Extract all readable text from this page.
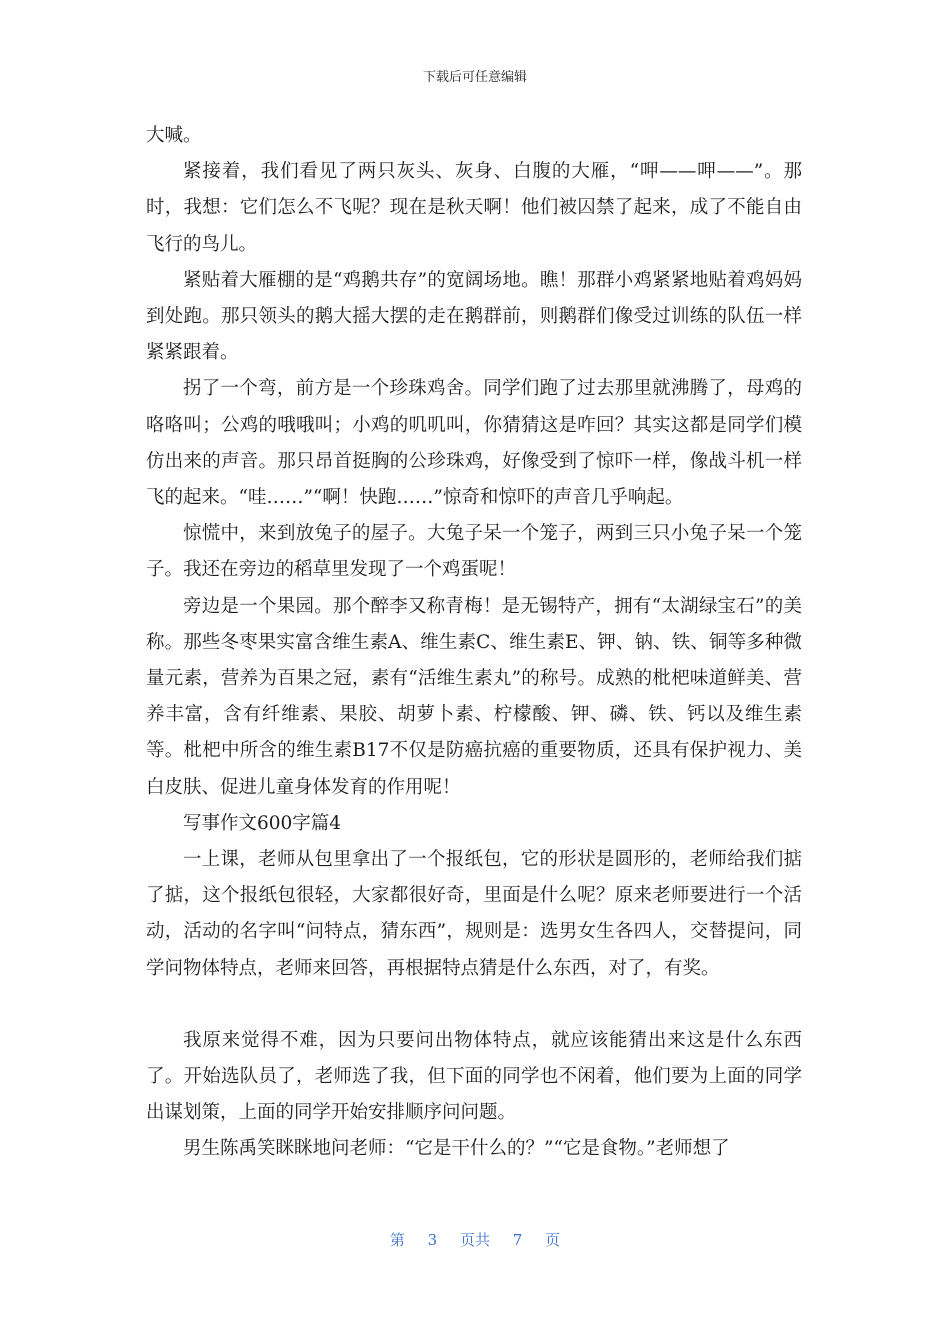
下载后可任意编辑

大喊。

紧接着，我们看见了两只灰头、灰身、白腹的大雁，“呷——呷——”。那时，我想：它们怎么不飞呢？现在是秋天啊！他们被囚禁了起来，成了不能自由飞行的鸟儿。

紧贴着大雁棚的是“鸡鹅共存”的宽阔场地。瞧！那群小鸡紧紧地贴着鸡妈妈到处跑。那只领头的鹅大摇大摆的走在鹅群前，则鹅群们像受过训练的队伍一样紧紧跟着。

拐了一个弯，前方是一个珍珠鸡舍。同学们跑了过去那里就沸腾了，母鸡的咯咯叫；公鸡的哦哦叫；小鸡的叽叽叫，你猜猜这是咋回？其实这都是同学们模仿出来的声音。那只昂首挺胸的公珍珠鸡，好像受到了惊吓一样，像战斗机一样飞的起来。“哇……”“啊！快跑……”惊奇和惊吓的声音几乎响起。

惊慌中，来到放兔子的屋子。大兔子呆一个笼子，两到三只小兔子呆一个笼子。我还在旁边的稻草里发现了一个鸡蛋呢！

旁边是一个果园。那个醉李又称青梅！是无锡特产，拥有“太湖绿宝石”的美称。那些冬枣果实富含维生素A、维生素C、维生素E、钾、钠、铁、铜等多种微量元素，营养为百果之冠，素有“活维生素丸”的称号。成熟的枇杷味道鲜美、营养丰富，含有纤维素、果胶、胡萝卜素、柠檬酸、钾、磷、铁、钙以及维生素等。枇杷中所含的维生素B17不仅是防癌抗癌的重要物质，还具有保护视力、美白皮肤、促进儿童身体发育的作用呢！

写事作文600字篇4

一上课，老师从包里拿出了一个报纸包，它的形状是圆形的，老师给我们掂了掂，这个报纸包很轻，大家都很好奇，里面是什么呢？原来老师要进行一个活动，活动的名字叫“问特点，猜东西”，规则是：选男女生各四人，交替提问，同学问物体特点，老师来回答，再根据特点猜是什么东西，对了，有奖。

我原来觉得不难，因为只要问出物体特点，就应该能猜出来这是什么东西了。开始选队员了，老师选了我，但下面的同学也不闲着，他们要为上面的同学出谋划策，上面的同学开始安排顺序问问题。

男生陈禹笑眯眯地问老师：“它是干什么的？”“它是食物。”老师想了

第 3 页共 7 页
